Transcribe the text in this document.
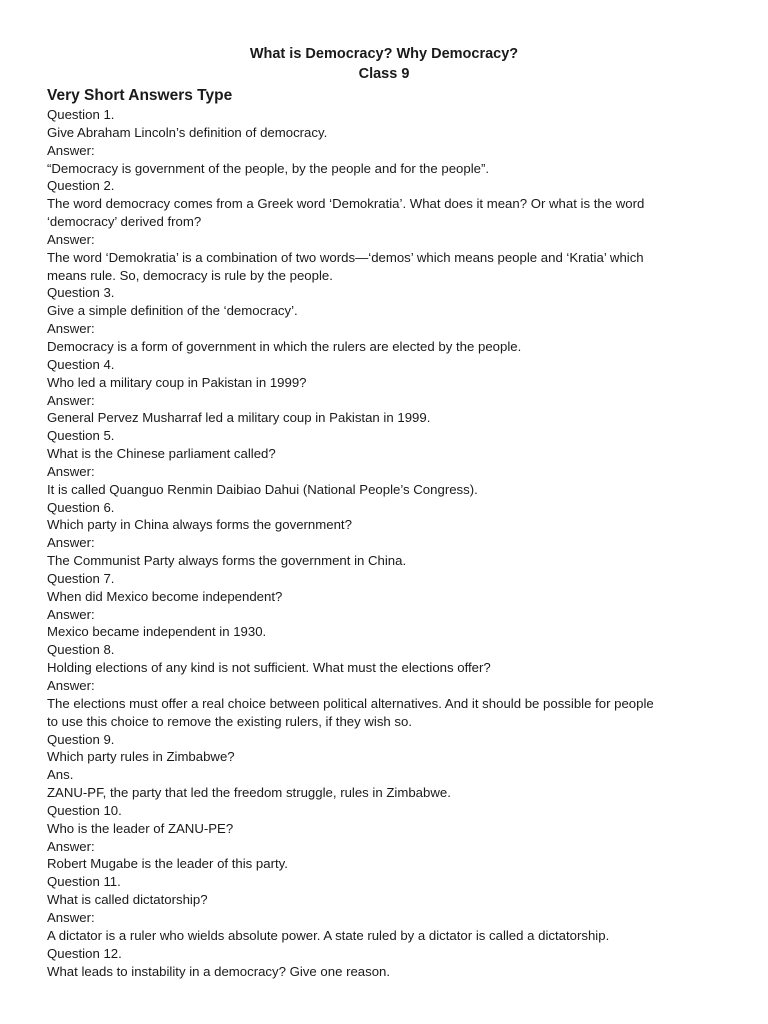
What is Democracy? Why Democracy?
Class 9
Very Short Answers Type
Question 1.
Give Abraham Lincoln’s definition of democracy.
Answer:
“Democracy is government of the people, by the people and for the people”.
Question 2.
The word democracy comes from a Greek word ‘Demokratia’. What does it mean? Or what is the word
‘democracy’ derived from?
Answer:
The word ‘Demokratia’ is a combination of two words—‘demos’ which means people and ‘Kratia’ which
means rule. So, democracy is rule by the people.
Question 3.
Give a simple definition of the ‘democracy’.
Answer:
Democracy is a form of government in which the rulers are elected by the people.
Question 4.
Who led a military coup in Pakistan in 1999?
Answer:
General Pervez Musharraf led a military coup in Pakistan in 1999.
Question 5.
What is the Chinese parliament called?
Answer:
It is called Quanguo Renmin Daibiao Dahui (National People’s Congress).
Question 6.
Which party in China always forms the government?
Answer:
The Communist Party always forms the government in China.
Question 7.
When did Mexico become independent?
Answer:
Mexico became independent in 1930.
Question 8.
Holding elections of any kind is not sufficient. What must the elections offer?
Answer:
The elections must offer a real choice between political alternatives. And it should be possible for people
to use this choice to remove the existing rulers, if they wish so.
Question 9.
Which party rules in Zimbabwe?
Ans.
ZANU-PF, the party that led the freedom struggle, rules in Zimbabwe.
Question 10.
Who is the leader of ZANU-PE?
Answer:
Robert Mugabe is the leader of this party.
Question 11.
What is called dictatorship?
Answer:
A dictator is a ruler who wields absolute power. A state ruled by a dictator is called a dictatorship.
Question 12.
What leads to instability in a democracy? Give one reason.
